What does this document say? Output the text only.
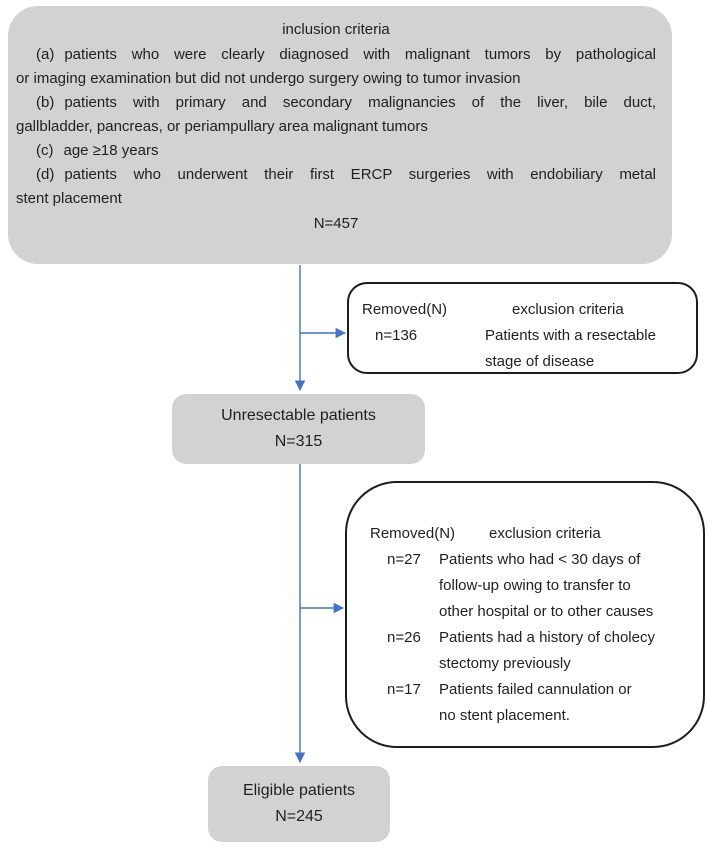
inclusion criteria
(a) patients who were clearly diagnosed with malignant tumors by pathological
or imaging examination but did not undergo surgery owing to tumor invasion
(b) patients with primary and secondary malignancies of the liver, bile duct,
gallbladder, pancreas, or periampullary area malignant tumors
(c) age ≥18 years
(d) patients who underwent their first ERCP surgeries with endobiliary metal
stent placement
N=457
Removed(N)	exclusion criteria
n=136	Patients with a resectable
stage of disease
Unresectable patients
N=315
Removed(N) exclusion criteria
n=27	Patients who had < 30 days of
follow-up owing to transfer to
other hospital or to other causes
n=26	Patients had a history of cholecy
stectomy previously
n=17	Patients failed cannulation or
no stent placement.
Eligible patients
N=245
